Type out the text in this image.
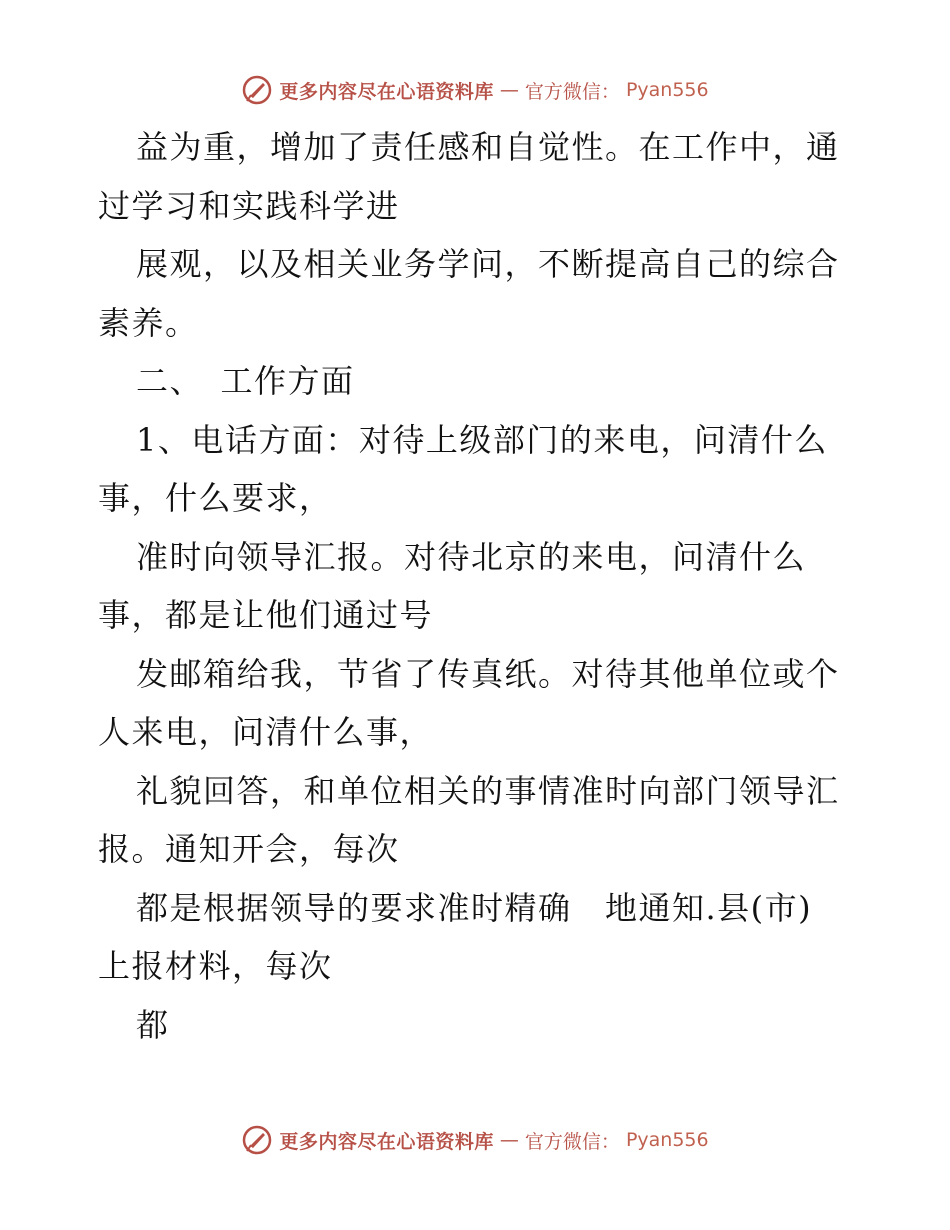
更多内容尽在心语资料库 — 官方微信： Pyan556

益为重，增加了责任感和自觉性。在工作中，通

过学习和实践科学进

展观，以及相关业务学问，不断提高自己的综合

素养。

二、　工作方面

1、电话方面：对待上级部门的来电，问清什么

事，什么要求，

准时向领导汇报。对待北京的来电，问清什么

事，都是让他们通过号

发邮箱给我，节省了传真纸。对待其他单位或个

人来电，问清什么事，

礼貌回答，和单位相关的事情准时向部门领导汇

报。通知开会，每次

都是根据领导的要求准时精确　地通知.县(市)

上报材料，每次

都

更多内容尽在心语资料库 — 官方微信： Pyan556
